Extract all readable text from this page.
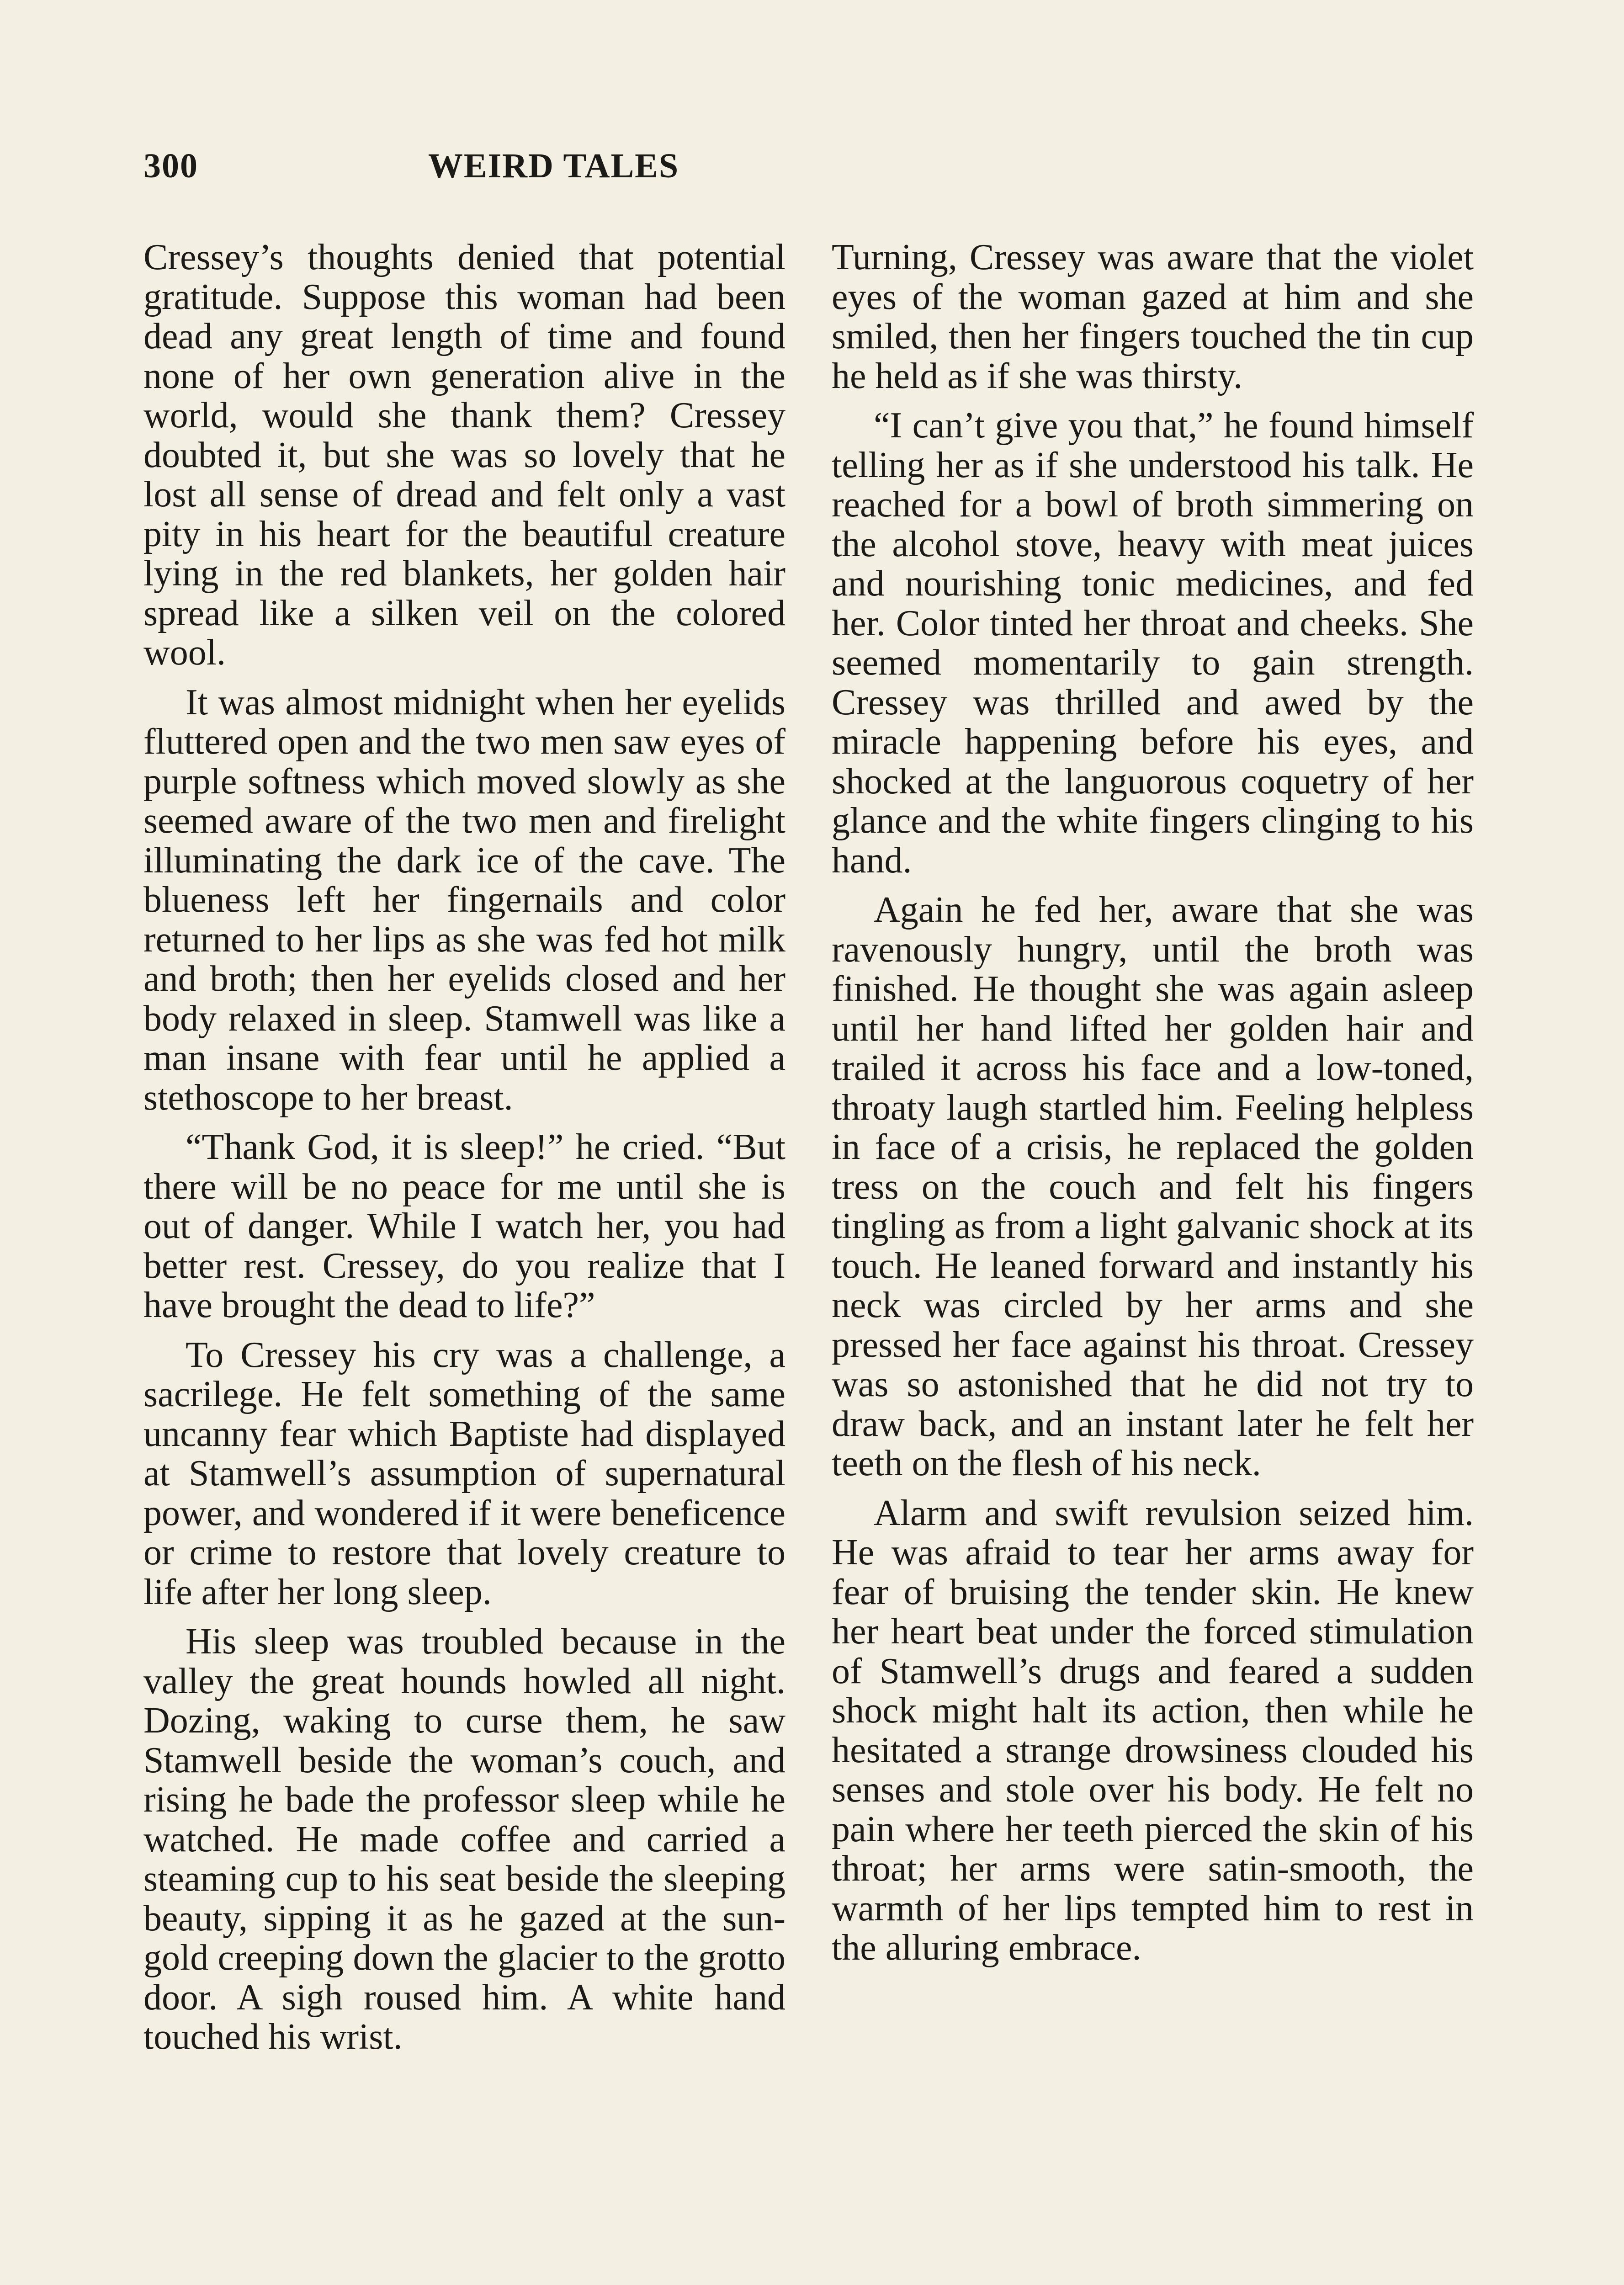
300	WEIRD TALES

Cressey’s thoughts denied that potential gratitude. Suppose this woman had been dead any great length of time and found none of her own generation alive in the world, would she thank them? Cressey doubted it, but she was so lovely that he lost all sense of dread and felt only a vast pity in his heart for the beautiful creature lying in the red blankets, her golden hair spread like a silken veil on the colored wool.

It was almost midnight when her eyelids fluttered open and the two men saw eyes of purple softness which moved slowly as she seemed aware of the two men and firelight illuminating the dark ice of the cave. The blueness left her fingernails and color returned to her lips as she was fed hot milk and broth; then her eyelids closed and her body relaxed in sleep. Stamwell was like a man insane with fear until he applied a stethoscope to her breast.

“Thank God, it is sleep!” he cried. “But there will be no peace for me until she is out of danger. While I watch her, you had better rest. Cressey, do you realize that I have brought the dead to life?”

To Cressey his cry was a challenge, a sacrilege. He felt something of the same uncanny fear which Baptiste had displayed at Stamwell’s assumption of supernatural power, and wondered if it were beneficence or crime to restore that lovely creature to life after her long sleep.

His sleep was troubled because in the valley the great hounds howled all night. Dozing, waking to curse them, he saw Stamwell beside the woman’s couch, and rising he bade the professor sleep while he watched. He made coffee and carried a steaming cup to his seat beside the sleeping beauty, sipping it as he gazed at the sun-gold creeping down the glacier to the grotto door. A sigh roused him. A white hand touched his wrist.

Turning, Cressey was aware that the violet eyes of the woman gazed at him and she smiled, then her fingers touched the tin cup he held as if she was thirsty.

“I can’t give you that,” he found himself telling her as if she understood his talk. He reached for a bowl of broth simmering on the alcohol stove, heavy with meat juices and nourishing tonic medicines, and fed her. Color tinted her throat and cheeks. She seemed momentarily to gain strength. Cressey was thrilled and awed by the miracle happening before his eyes, and shocked at the languorous coquetry of her glance and the white fingers clinging to his hand.

Again he fed her, aware that she was ravenously hungry, until the broth was finished. He thought she was again asleep until her hand lifted her golden hair and trailed it across his face and a low-toned, throaty laugh startled him. Feeling helpless in face of a crisis, he replaced the golden tress on the couch and felt his fingers tingling as from a light galvanic shock at its touch. He leaned forward and instantly his neck was circled by her arms and she pressed her face against his throat. Cressey was so astonished that he did not try to draw back, and an instant later he felt her teeth on the flesh of his neck.

Alarm and swift revulsion seized him. He was afraid to tear her arms away for fear of bruising the tender skin. He knew her heart beat under the forced stimulation of Stamwell’s drugs and feared a sudden shock might halt its action, then while he hesitated a strange drowsiness clouded his senses and stole over his body. He felt no pain where her teeth pierced the skin of his throat; her arms were satin-smooth, the warmth of her lips tempted him to rest in the alluring embrace.
